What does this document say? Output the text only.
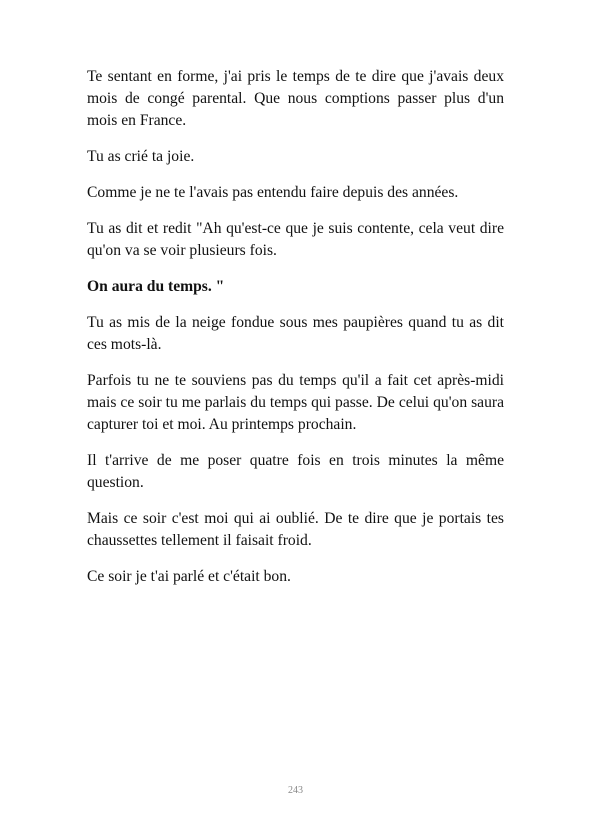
Te sentant en forme, j'ai pris le temps de te dire que j'avais deux mois de congé parental. Que nous comptions passer plus d'un mois en France.

Tu as crié ta joie.

Comme je ne te l'avais pas entendu faire depuis des années.

Tu as dit et redit "Ah qu'est-ce que je suis contente, cela veut dire qu'on va se voir plusieurs fois.

On aura du temps. "

Tu as mis de la neige fondue sous mes paupières quand tu as dit ces mots-là.

Parfois tu ne te souviens pas du temps qu'il a fait cet après-midi mais ce soir tu me parlais du temps qui passe. De celui qu'on saura capturer toi et moi. Au printemps prochain.

Il t'arrive de me poser quatre fois en trois minutes la même question.

Mais ce soir c'est moi qui ai oublié. De te dire que je portais tes chaussettes tellement il faisait froid.

Ce soir je t'ai parlé et c'était bon.

243
